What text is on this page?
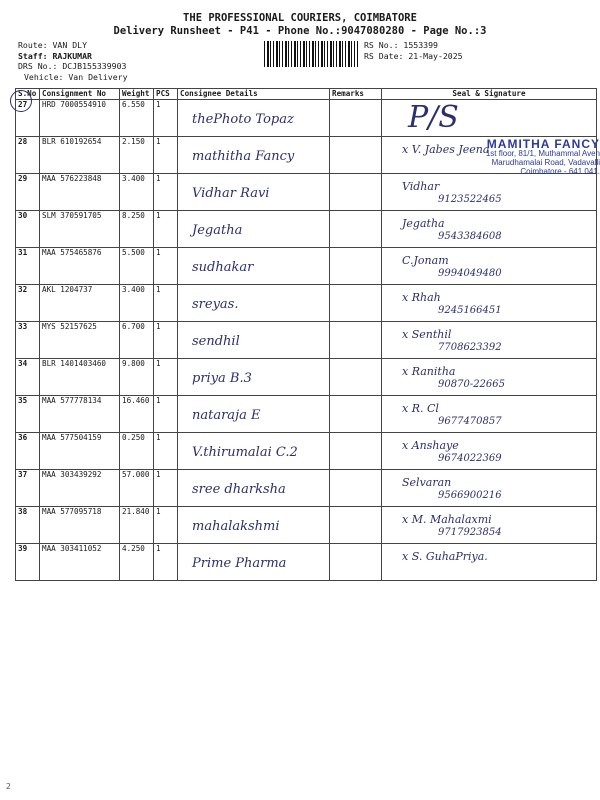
THE PROFESSIONAL COURIERS, COIMBATORE
Delivery Runsheet - P41 - Phone No.:9047080280 - Page No.:3
Route: VAN DLY
Staff: RAJKUMAR
DRS No.: DCJB155339903
Vehicle: Van Delivery
RS No.: 1553399
RS Date: 21-May-2025
S.No	Consignment No	Weight	PCS	Consignee Details	Remarks	Seal & Signature
27	HRD 7000554910	6.550	1	thePhoto Topaz		

28	BLR 610192654	2.150	1	mathitha Fancy		x V. Jabes Jeena

29	MAA 576223848	3.400	1	Vidhar Ravi		Vidhar
9123522465

30	SLM 370591705	8.250	1	Jegatha		Jegatha
9543384608

31	MAA 575465876	5.500	1	sudhakar		C.Jonam
9994049480

32	AKL 1204737	3.400	1	sreyas.		x Rhah
9245166451

33	MYS 52157625	6.700	1	sendhil		x Senthil
7708623392

34	BLR 1401403460	9.800	1	priya B.3		x Ranitha
90870-22665

35	MAA 577778134	16.460	1	nataraja E		x R. Cl
9677470857

36	MAA 577504159	0.250	1	V.thirumalai C.2		x Anshaye
9674022369

37	MAA 303439292	57.000	1	sree dharksha		Selvaran
9566900216

38	MAA 577095718	21.840	1	mahalakshmi		x M. Mahalaxmi
9717923854

39	MAA 303411052	4.250	1	Prime Pharma		x S. GuhaPriya.
P/S
MAMITHA FANCY
1st floor, 81/1, Muthammal Aven
Marudhamalai Road, Vadavalli
Coimbatore - 641 041.
2
